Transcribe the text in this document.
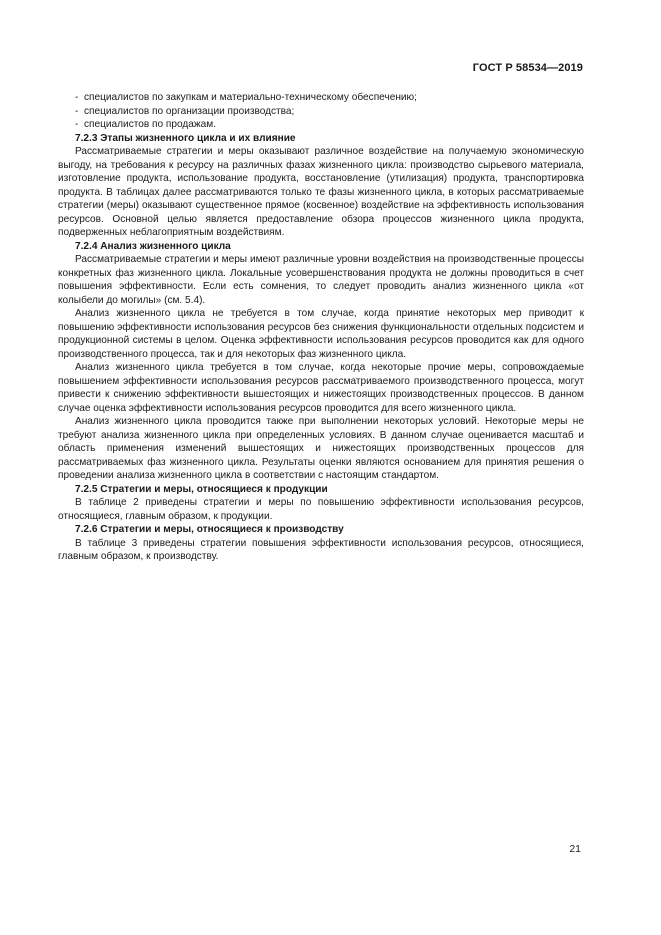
ГОСТ Р 58534—2019
- специалистов по закупкам и материально-техническому обеспечению;
- специалистов по организации производства;
- специалистов по продажам.
7.2.3 Этапы жизненного цикла и их влияние

Рассматриваемые стратегии и меры оказывают различное воздействие на получаемую экономическую выгоду, на требования к ресурсу на различных фазах жизненного цикла: производство сырьевого материала, изготовление продукта, использование продукта, восстановление (утилизация) продукта, транспортировка продукта. В таблицах далее рассматриваются только те фазы жизненного цикла, в которых рассматриваемые стратегии (меры) оказывают существенное прямое (косвенное) воздействие на эффективность использования ресурсов. Основной целью является предоставление обзора процессов жизненного цикла продукта, подверженных неблагоприятным воздействиям.

7.2.4 Анализ жизненного цикла

Рассматриваемые стратегии и меры имеют различные уровни воздействия на производственные процессы конкретных фаз жизненного цикла. Локальные усовершенствования продукта не должны проводиться в счет повышения эффективности. Если есть сомнения, то следует проводить анализ жизненного цикла «от колыбели до могилы» (см. 5.4).

Анализ жизненного цикла не требуется в том случае, когда принятие некоторых мер приводит к повышению эффективности использования ресурсов без снижения функциональности отдельных подсистем и продукционной системы в целом. Оценка эффективности использования ресурсов проводится как для одного производственного процесса, так и для некоторых фаз жизненного цикла.

Анализ жизненного цикла требуется в том случае, когда некоторые прочие меры, сопровождаемые повышением эффективности использования ресурсов рассматриваемого производственного процесса, могут привести к снижению эффективности вышестоящих и нижестоящих производственных процессов. В данном случае оценка эффективности использования ресурсов проводится для всего жизненного цикла.

Анализ жизненного цикла проводится также при выполнении некоторых условий. Некоторые меры не требуют анализа жизненного цикла при определенных условиях. В данном случае оценивается масштаб и область применения изменений вышестоящих и нижестоящих производственных процессов для рассматриваемых фаз жизненного цикла. Результаты оценки являются основанием для принятия решения о проведении анализа жизненного цикла в соответствии с настоящим стандартом.

7.2.5 Стратегии и меры, относящиеся к продукции

В таблице 2 приведены стратегии и меры по повышению эффективности использования ресурсов, относящиеся, главным образом, к продукции.

7.2.6 Стратегии и меры, относящиеся к производству

В таблице 3 приведены стратегии повышения эффективности использования ресурсов, относящиеся, главным образом, к производству.

21
